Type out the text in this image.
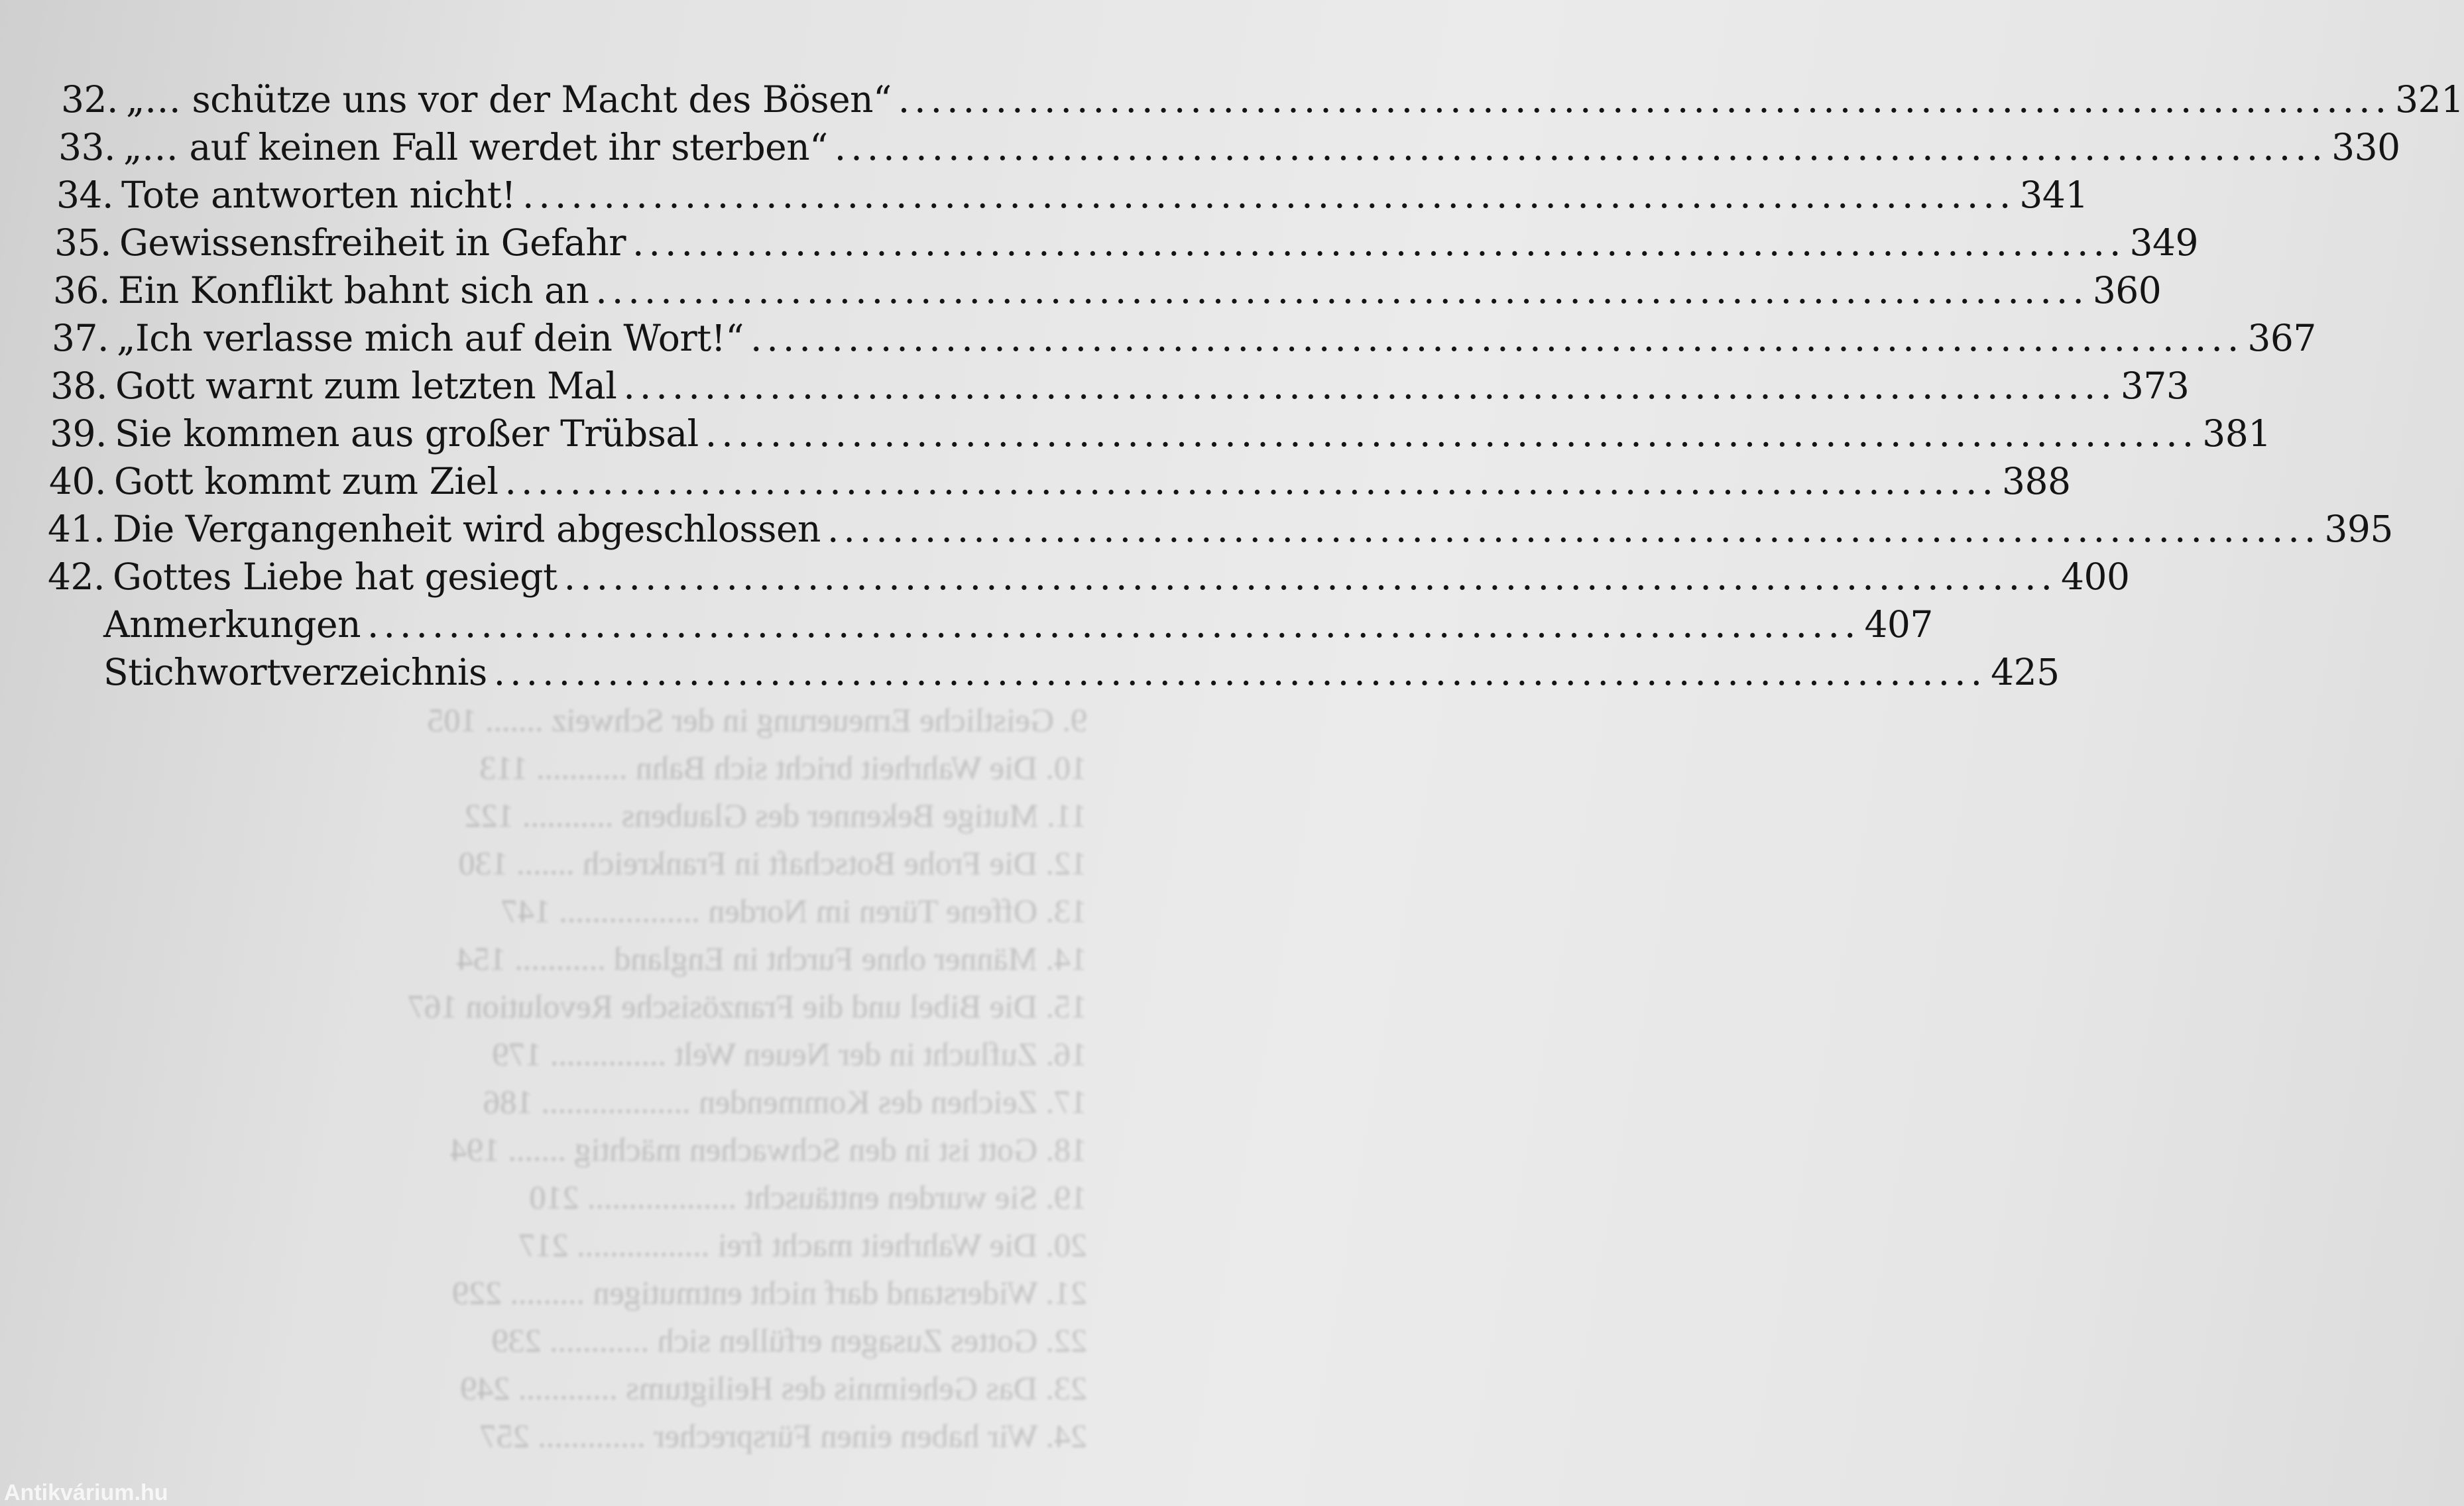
9. Geistliche Erneuerung in der Schweiz ....... 105
10. Die Wahrheit bricht sich Bahn ........... 113
11. Mutige Bekenner des Glaubens ........... 122
12. Die Frohe Botschaft in Frankreich ....... 130
13. Offene Türen im Norden ................. 147
14. Männer ohne Furcht in England ........... 154
15. Die Bibel und die Französische Revolution 167
16. Zuflucht in der Neuen Welt .............. 179
17. Zeichen des Kommenden .................. 186
18. Gott ist in den Schwachen mächtig ....... 194
19. Sie wurden enttäuscht .................. 210
20. Die Wahrheit macht frei ................ 217
21. Widerstand darf nicht entmutigen ......... 229
22. Gottes Zusagen erfüllen sich ............ 239
23. Das Geheimnis des Heiligtums ............ 249
24. Wir haben einen Fürsprecher ............. 257
32. „… schütze uns vor der Macht des Bösen“ ............................................................................................ 321
33. „… auf keinen Fall werdet ihr sterben“ ............................................................................................ 330
34. Tote antworten nicht! ............................................................................................ 341
35. Gewissensfreiheit in Gefahr ............................................................................................ 349
36. Ein Konflikt bahnt sich an ............................................................................................ 360
37. „Ich verlasse mich auf dein Wort!“ ............................................................................................ 367
38. Gott warnt zum letzten Mal ............................................................................................ 373
39. Sie kommen aus großer Trübsal ............................................................................................ 381
40. Gott kommt zum Ziel ............................................................................................ 388
41. Die Vergangenheit wird abgeschlossen ............................................................................................ 395
42. Gottes Liebe hat gesiegt ............................................................................................ 400
Anmerkungen ............................................................................................ 407
Stichwortverzeichnis ............................................................................................ 425
Antikvárium.hu
